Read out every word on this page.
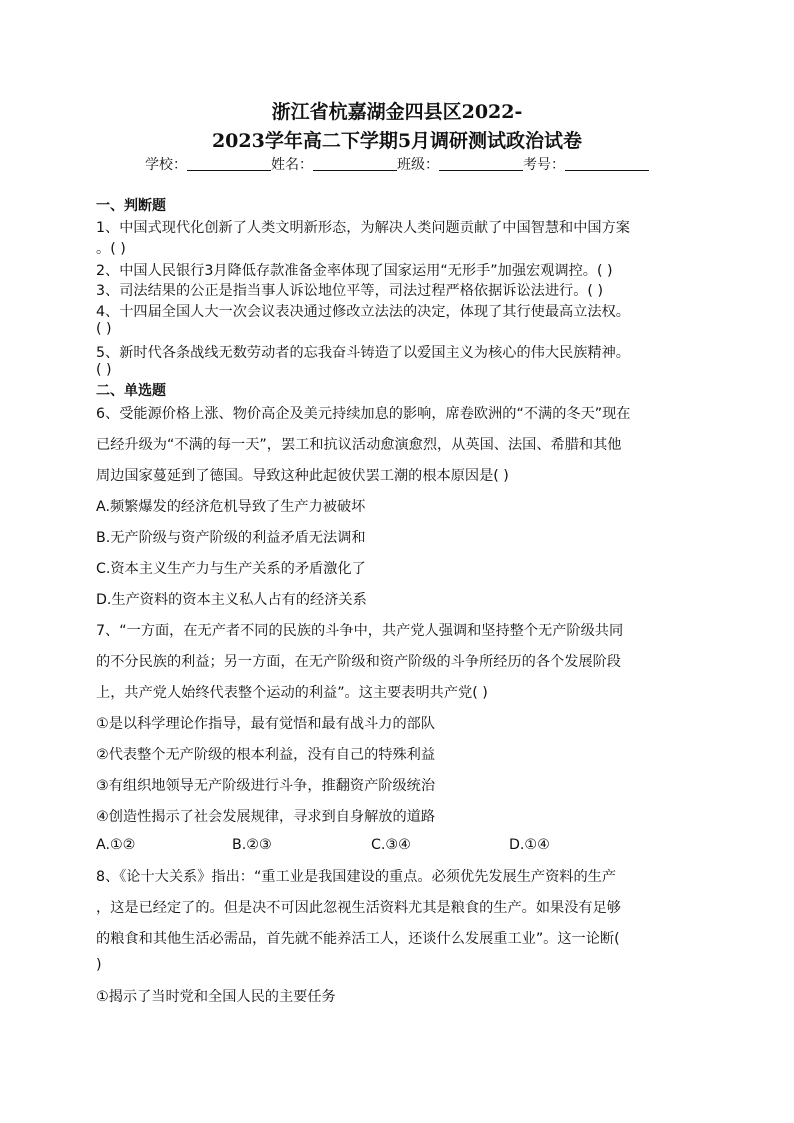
浙江省杭嘉湖金四县区2022-
2023学年高二下学期5月调研测试政治试卷
学校：	姓名：	班级：	考号：
一、判断题
1、中国式现代化创新了人类文明新形态，为解决人类问题贡献了中国智慧和中国方案
。( )
2、中国人民银行3月降低存款准备金率体现了国家运用“无形手”加强宏观调控。( )
3、司法结果的公正是指当事人诉讼地位平等，司法过程严格依据诉讼法进行。( )
4、十四届全国人大一次会议表决通过修改立法法的决定，体现了其行使最高立法权。
( )
5、新时代各条战线无数劳动者的忘我奋斗铸造了以爱国主义为核心的伟大民族精神。
( )
二、单选题
6、受能源价格上涨、物价高企及美元持续加息的影响，席卷欧洲的“不满的冬天”现在
已经升级为“不满的每一天”，罢工和抗议活动愈演愈烈，从英国、法国、希腊和其他
周边国家蔓延到了德国。导致这种此起彼伏罢工潮的根本原因是( )
A.频繁爆发的经济危机导致了生产力被破坏
B.无产阶级与资产阶级的利益矛盾无法调和
C.资本主义生产力与生产关系的矛盾激化了
D.生产资料的资本主义私人占有的经济关系
7、“一方面，在无产者不同的民族的斗争中，共产党人强调和坚持整个无产阶级共同
的不分民族的利益；另一方面，在无产阶级和资产阶级的斗争所经历的各个发展阶段
上，共产党人始终代表整个运动的利益”。这主要表明共产党( )
①是以科学理论作指导，最有觉悟和最有战斗力的部队
②代表整个无产阶级的根本利益，没有自己的特殊利益
③有组织地领导无产阶级进行斗争，推翻资产阶级统治
④创造性揭示了社会发展规律，寻求到自身解放的道路
A.①②	B.②③	C.③④	D.①④
8、《论十大关系》指出：“重工业是我国建设的重点。必须优先发展生产资料的生产
，这是已经定了的。但是决不可因此忽视生活资料尤其是粮食的生产。如果没有足够
的粮食和其他生活必需品，首先就不能养活工人，还谈什么发展重工业”。这一论断(
)
①揭示了当时党和全国人民的主要任务
